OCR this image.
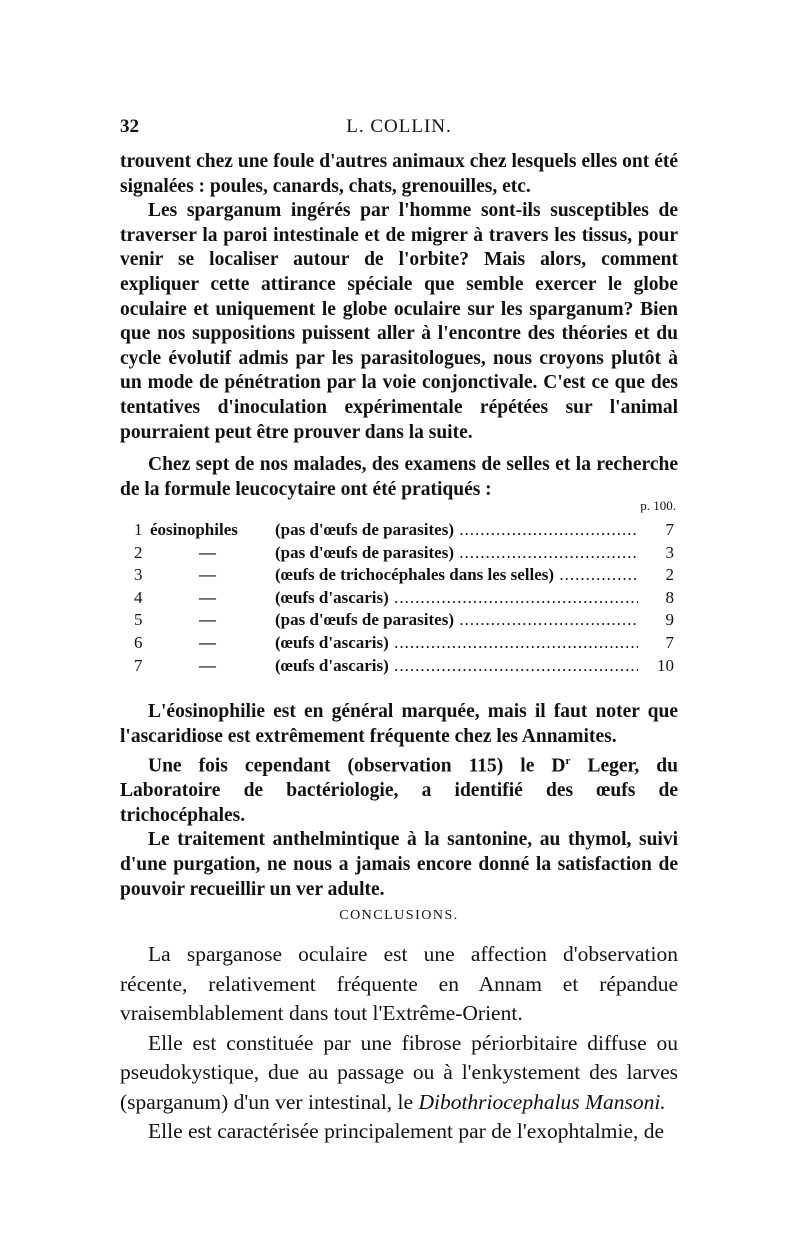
32	L. COLLIN.

trouvent chez une foule d'autres animaux chez lesquels elles ont été signalées : poules, canards, chats, grenouilles, etc.

Les sparganum ingérés par l'homme sont-ils susceptibles de traverser la paroi intestinale et de migrer à travers les tissus, pour venir se localiser autour de l'orbite? Mais alors, comment expliquer cette attirance spéciale que semble exercer le globe oculaire et uniquement le globe oculaire sur les sparganum? Bien que nos suppositions puissent aller à l'encontre des théories et du cycle évolutif admis par les parasitologues, nous croyons plutôt à un mode de pénétration par la voie conjonctivale. C'est ce que des tentatives d'inoculation expérimentale répétées sur l'animal pourraient peut être prouver dans la suite.

Chez sept de nos malades, des examens de selles et la recherche de la formule leucocytaire ont été pratiqués :

p. 100.
1 éosinophiles	(pas d'œufs de parasites) .....	7
2	—	(pas d'œufs de parasites) .....	3
3	—	(œufs de trichocéphales dans les selles) .....	2
4	—	(œufs d'ascaris) .....	8
5	—	(pas d'œufs de parasites) .....	9
6	—	(œufs d'ascaris) .....	7
7	—	(œufs d'ascaris) .....	10

L'éosinophilie est en général marquée, mais il faut noter que l'ascaridiose est extrêmement fréquente chez les Annamites.

Une fois cependant (observation 115) le $D^r$ Leger, du Laboratoire de bactériologie, a identifié des œufs de trichocéphales.

Le traitement anthelmintique à la santonine, au thymol, suivi d'une purgation, ne nous a jamais encore donné la satisfaction de pouvoir recueillir un ver adulte.

CONCLUSIONS.

La sparganose oculaire est une affection d'observation récente, relativement fréquente en Annam et répandue vraisemblablement dans tout l'Extrême-Orient.

Elle est constituée par une fibrose périorbitaire diffuse ou pseudokystique, due au passage ou à l'enkystement des larves (sparganum) d'un ver intestinal, le Dibothriocephalus Mansoni.

Elle est caractérisée principalement par de l'exophtalmie, de
